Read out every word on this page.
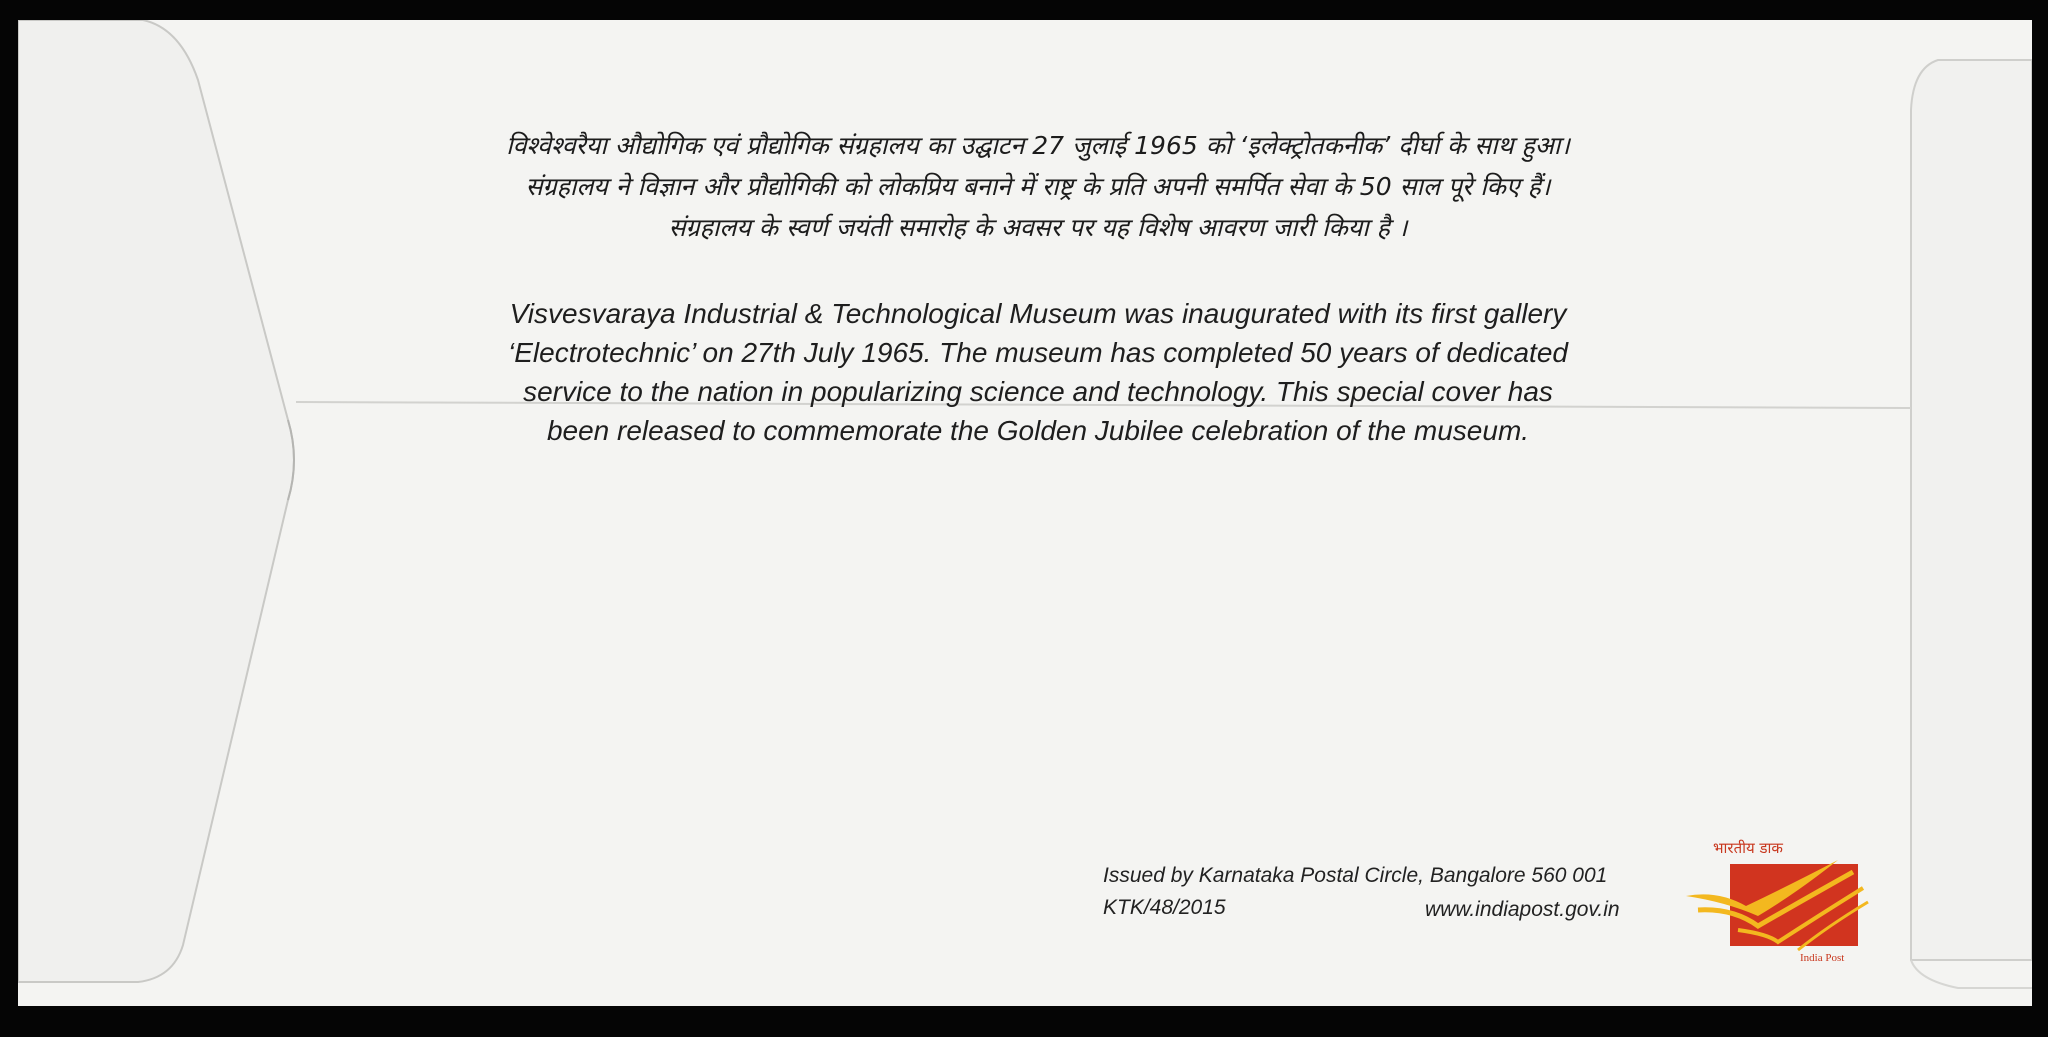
विश्वेश्वरैया औद्योगिक एवं प्रौद्योगिक संग्रहालय का उद्घाटन 27 जुलाई 1965 को ‘इलेक्ट्रोतकनीक’ दीर्घा के साथ हुआ।
संग्रहालय ने विज्ञान और प्रौद्योगिकी को लोकप्रिय बनाने में राष्ट्र के प्रति अपनी समर्पित सेवा के 50 साल पूरे किए हैं।
संग्रहालय के स्वर्ण जयंती समारोह के अवसर पर यह विशेष आवरण जारी किया है ।
Visvesvaraya Industrial & Technological Museum was inaugurated with its first gallery
‘Electrotechnic’ on 27th July 1965. The museum has completed 50 years of dedicated
service to the nation in popularizing science and technology. This special cover has
been released to commemorate the Golden Jubilee celebration of the museum.
Issued by Karnataka Postal Circle, Bangalore 560 001
KTK/48/2015	www.indiapost.gov.in
भारतीय डाक
India Post
